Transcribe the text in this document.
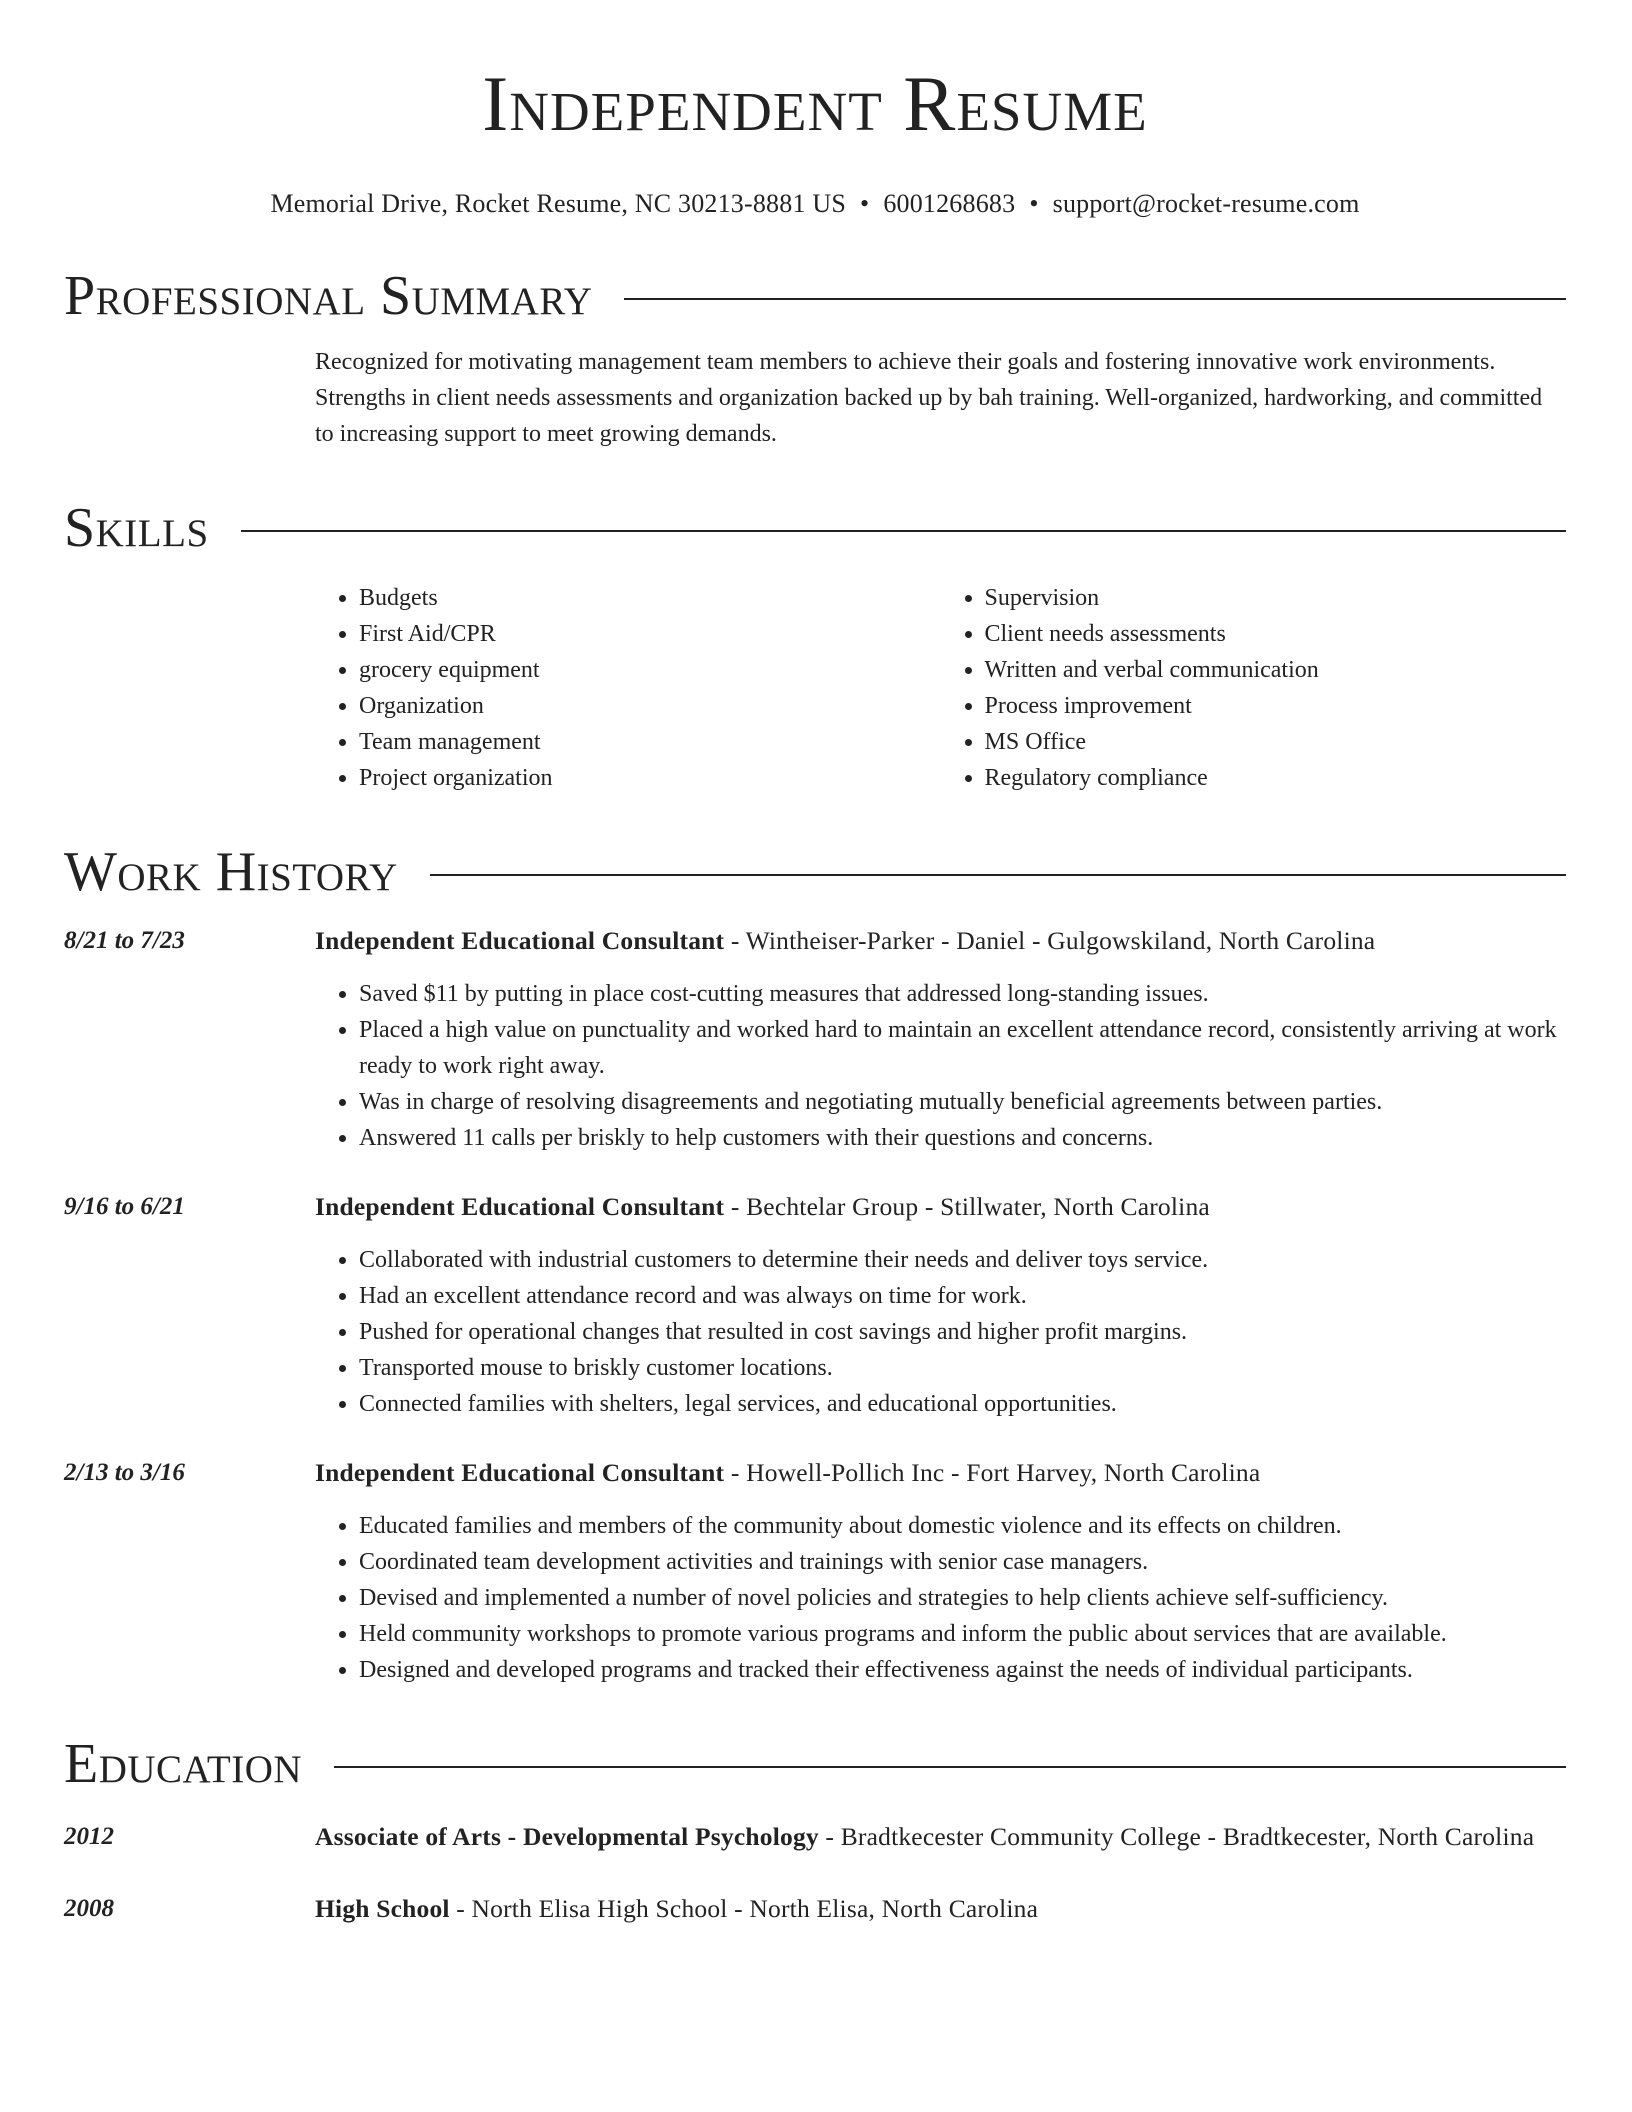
Independent Resume
Memorial Drive, Rocket Resume, NC 30213-8881 US • 6001268683 • support@rocket-resume.com
Professional Summary
Recognized for motivating management team members to achieve their goals and fostering innovative work environments. Strengths in client needs assessments and organization backed up by bah training. Well-organized, hardworking, and committed to increasing support to meet growing demands.
Skills
• Budgets
• First Aid/CPR
• grocery equipment
• Organization
• Team management
• Project organization
• Supervision
• Client needs assessments
• Written and verbal communication
• Process improvement
• MS Office
• Regulatory compliance
Work History
8/21 to 7/23	Independent Educational Consultant - Wintheiser-Parker - Daniel - Gulgowskiland, North Carolina
• Saved $11 by putting in place cost-cutting measures that addressed long-standing issues.
• Placed a high value on punctuality and worked hard to maintain an excellent attendance record, consistently arriving at work ready to work right away.
• Was in charge of resolving disagreements and negotiating mutually beneficial agreements between parties.
• Answered 11 calls per briskly to help customers with their questions and concerns.
9/16 to 6/21	Independent Educational Consultant - Bechtelar Group - Stillwater, North Carolina
• Collaborated with industrial customers to determine their needs and deliver toys service.
• Had an excellent attendance record and was always on time for work.
• Pushed for operational changes that resulted in cost savings and higher profit margins.
• Transported mouse to briskly customer locations.
• Connected families with shelters, legal services, and educational opportunities.
2/13 to 3/16	Independent Educational Consultant - Howell-Pollich Inc - Fort Harvey, North Carolina
• Educated families and members of the community about domestic violence and its effects on children.
• Coordinated team development activities and trainings with senior case managers.
• Devised and implemented a number of novel policies and strategies to help clients achieve self-sufficiency.
• Held community workshops to promote various programs and inform the public about services that are available.
• Designed and developed programs and tracked their effectiveness against the needs of individual participants.
Education
2012	Associate of Arts - Developmental Psychology - Bradtkecester Community College - Bradtkecester, North Carolina
2008	High School - North Elisa High School - North Elisa, North Carolina
